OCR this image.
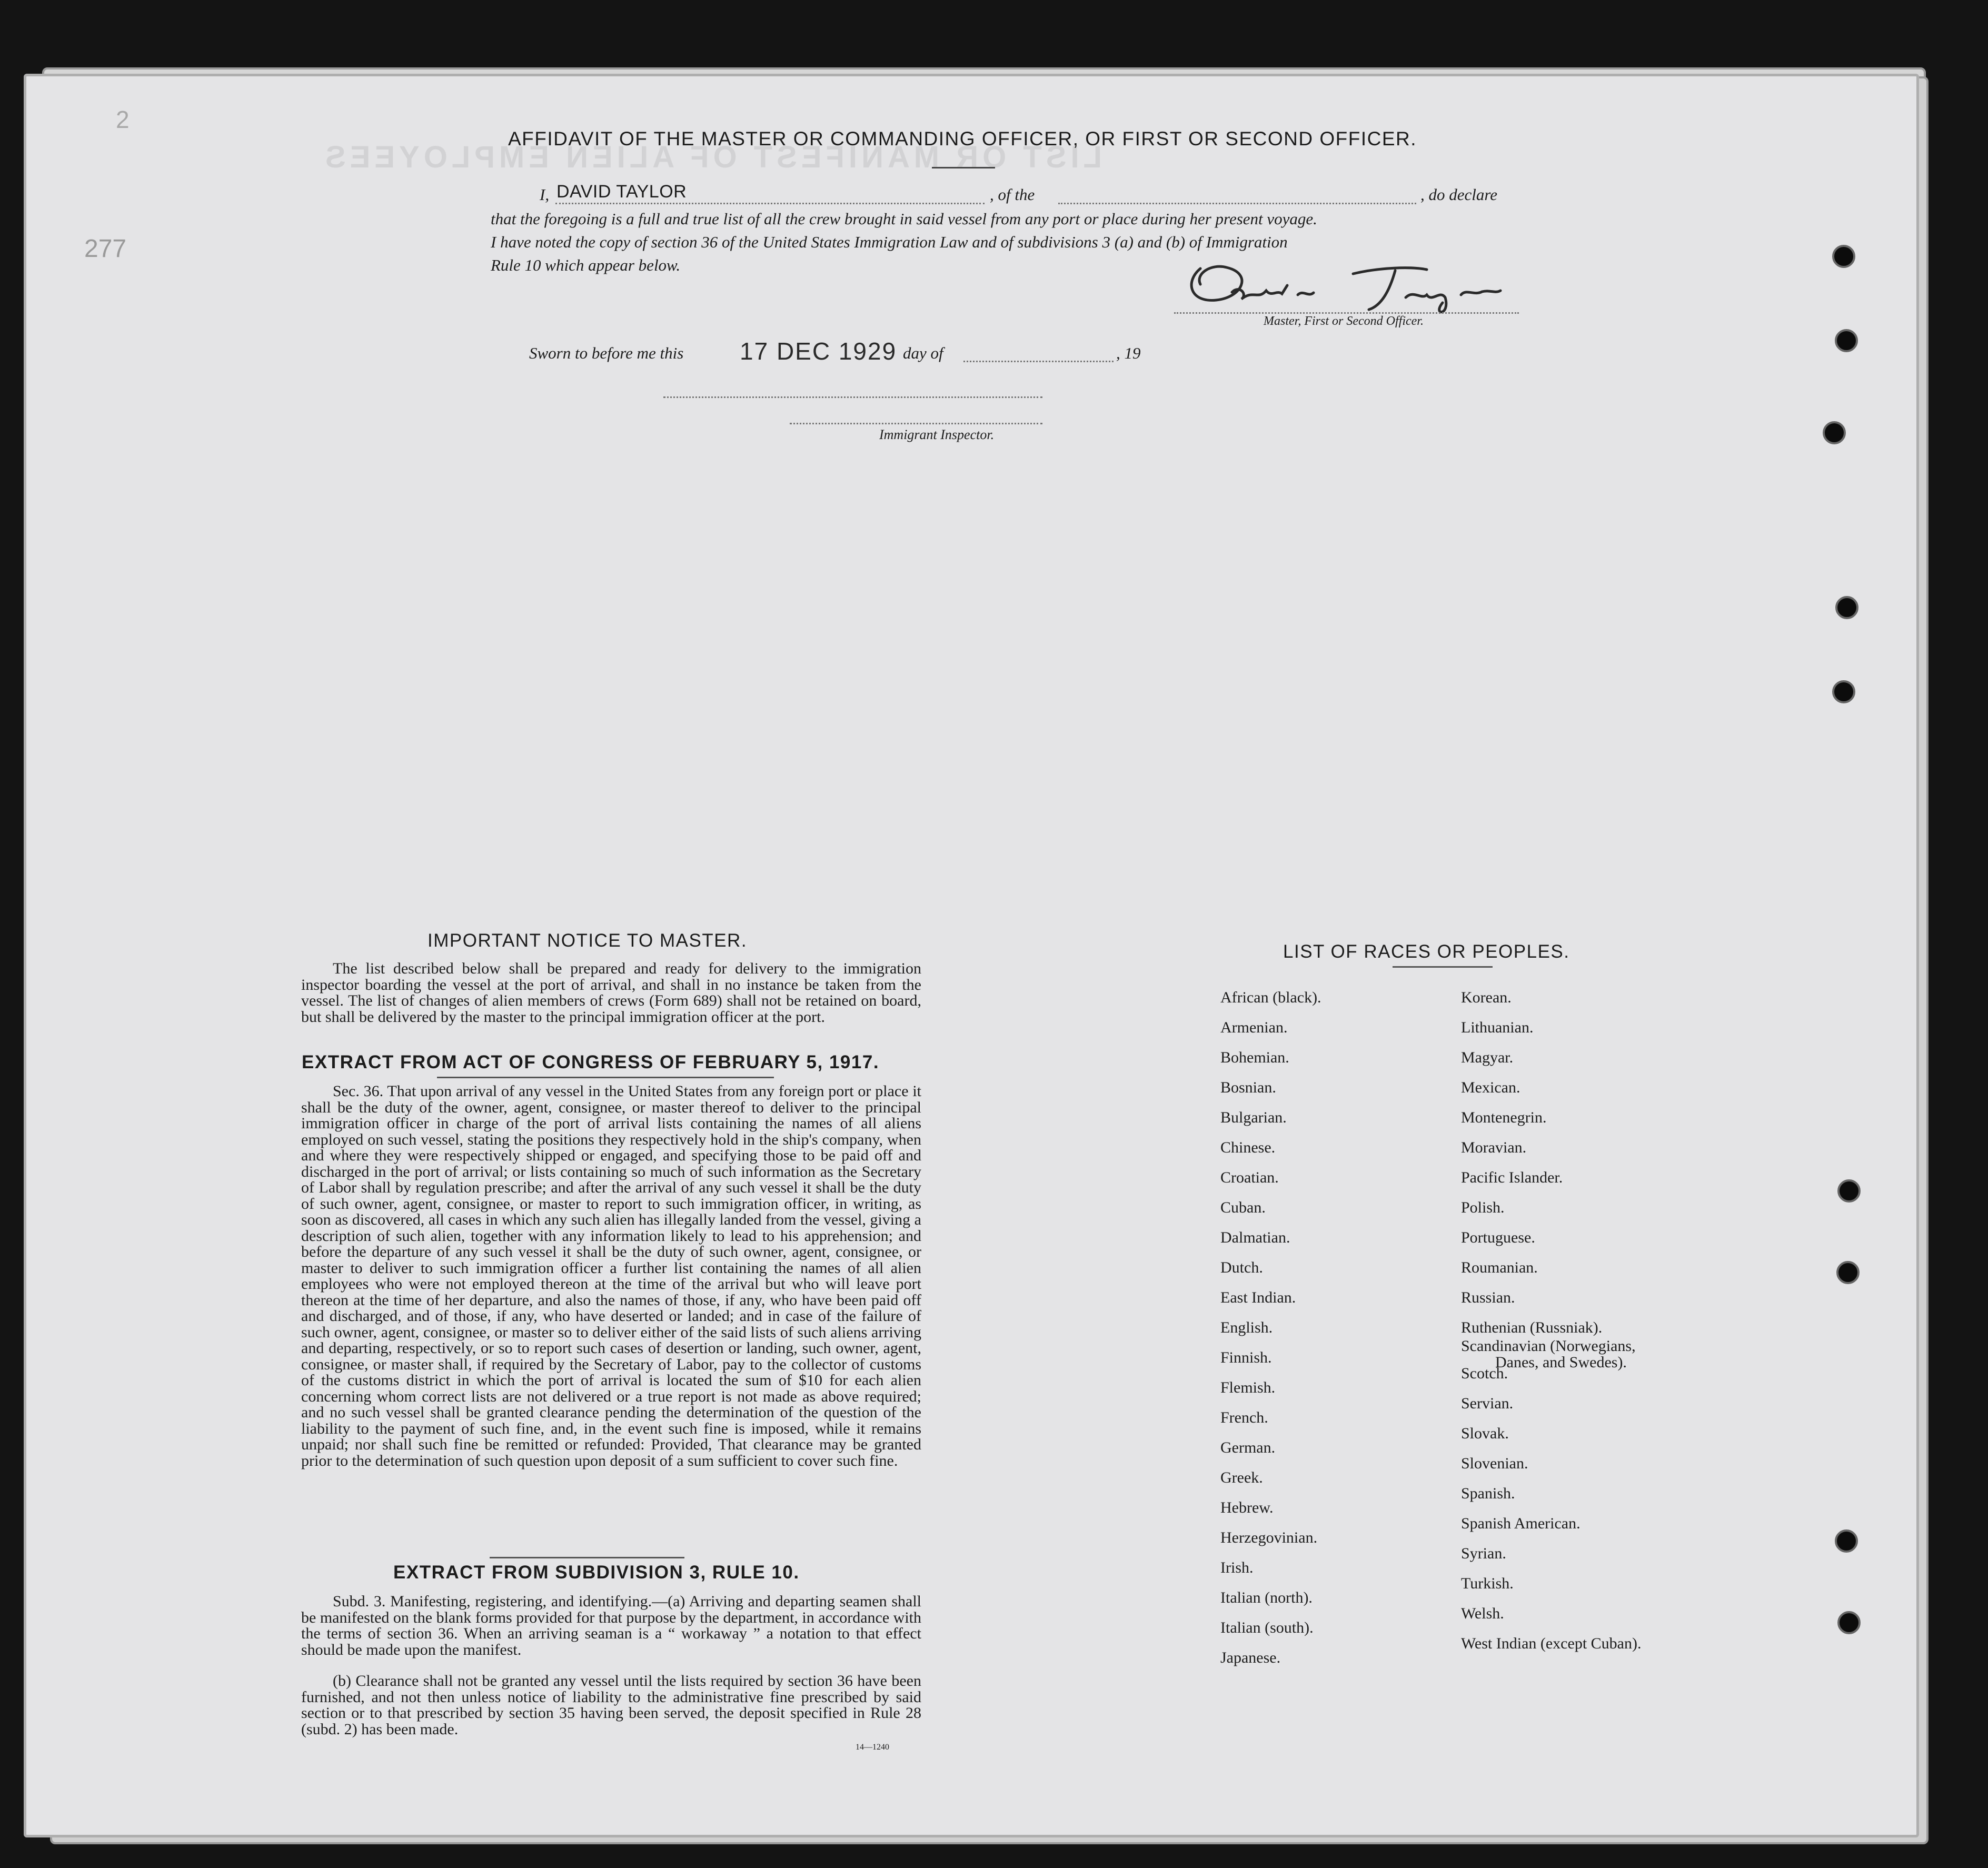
LIST OR MANIFEST OF ALIEN EMPLOYEES
277
2
AFFIDAVIT OF THE MASTER OR COMMANDING OFFICER, OR FIRST OR SECOND OFFICER.
I, DAVID TAYLOR	, of the	, do declare
that the foregoing is a full and true list of all the crew brought in said vessel from any port or place during her present voyage.
I have noted the copy of section 36 of the United States Immigration Law and of subdivisions 3 (a) and (b) of Immigration
Rule 10 which appear below.
Master, First or Second Officer.
Sworn to before me this 17 DEC 1929 day of	, 19
Immigrant Inspector.
IMPORTANT NOTICE TO MASTER.
The list described below shall be prepared and ready for delivery to the immigration inspector boarding the vessel at the port of arrival, and shall in no instance be taken from the vessel. The list of changes of alien members of crews (Form 689) shall not be retained on board, but shall be delivered by the master to the principal immigration officer at the port.
EXTRACT FROM ACT OF CONGRESS OF FEBRUARY 5, 1917.
Sec. 36. That upon arrival of any vessel in the United States from any foreign port or place it shall be the duty of the owner, agent, consignee, or master thereof to deliver to the principal immigration officer in charge of the port of arrival lists containing the names of all aliens employed on such vessel, stating the positions they respectively hold in the ship's company, when and where they were respectively shipped or engaged, and specifying those to be paid off and discharged in the port of arrival; or lists containing so much of such information as the Secretary of Labor shall by regulation prescribe; and after the arrival of any such vessel it shall be the duty of such owner, agent, consignee, or master to report to such immigration officer, in writing, as soon as discovered, all cases in which any such alien has illegally landed from the vessel, giving a description of such alien, together with any information likely to lead to his apprehension; and before the departure of any such vessel it shall be the duty of such owner, agent, consignee, or master to deliver to such immigration officer a further list containing the names of all alien employees who were not employed thereon at the time of the arrival but who will leave port thereon at the time of her departure, and also the names of those, if any, who have been paid off and discharged, and of those, if any, who have deserted or landed; and in case of the failure of such owner, agent, consignee, or master so to deliver either of the said lists of such aliens arriving and departing, respectively, or so to report such cases of desertion or landing, such owner, agent, consignee, or master shall, if required by the Secretary of Labor, pay to the collector of customs of the customs district in which the port of arrival is located the sum of $10 for each alien concerning whom correct lists are not delivered or a true report is not made as above required; and no such vessel shall be granted clearance pending the determination of the question of the liability to the payment of such fine, and, in the event such fine is imposed, while it remains unpaid; nor shall such fine be remitted or refunded: Provided, That clearance may be granted prior to the determination of such question upon deposit of a sum sufficient to cover such fine.
EXTRACT FROM SUBDIVISION 3, RULE 10.
Subd. 3. Manifesting, registering, and identifying.—(a) Arriving and departing seamen shall be manifested on the blank forms provided for that purpose by the department, in accordance with the terms of section 36. When an arriving seaman is a “ workaway ” a notation to that effect should be made upon the manifest.
(b) Clearance shall not be granted any vessel until the lists required by section 36 have been furnished, and not then unless notice of liability to the administrative fine prescribed by said section or to that prescribed by section 35 having been served, the deposit specified in Rule 28 (subd. 2) has been made.
14—1240
LIST OF RACES OR PEOPLES.
African (black).
Armenian.
Bohemian.
Bosnian.
Bulgarian.
Chinese.
Croatian.
Cuban.
Dalmatian.
Dutch.
East Indian.
English.
Finnish.
Flemish.
French.
German.
Greek.
Hebrew.
Herzegovinian.
Irish.
Italian (north).
Italian (south).
Japanese.
Korean.
Lithuanian.
Magyar.
Mexican.
Montenegrin.
Moravian.
Pacific Islander.
Polish.
Portuguese.
Roumanian.
Russian.
Ruthenian (Russniak).
Scandinavian (Norwegians,
Danes, and Swedes).
Scotch.
Servian.
Slovak.
Slovenian.
Spanish.
Spanish American.
Syrian.
Turkish.
Welsh.
West Indian (except Cuban).
